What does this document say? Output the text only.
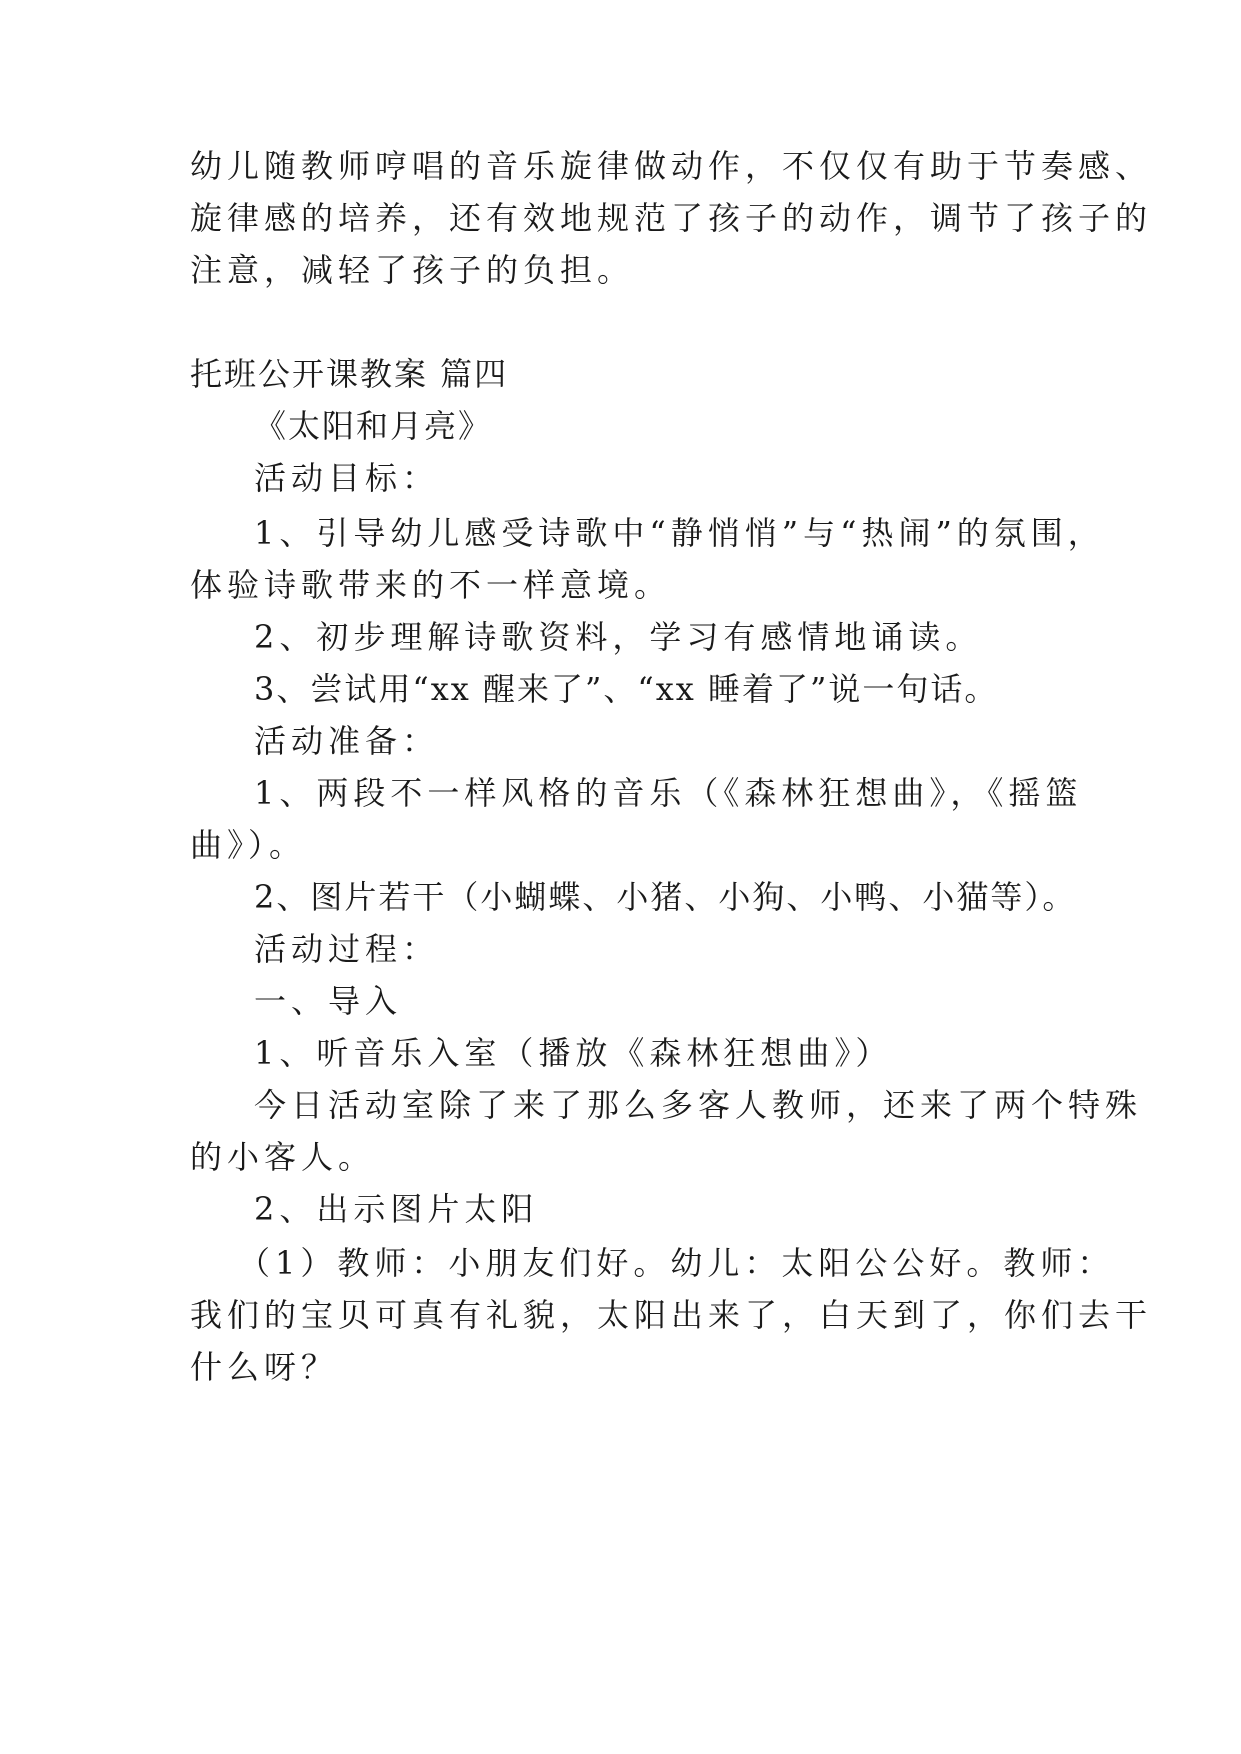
幼儿随教师哼唱的音乐旋律做动作，不仅仅有助于节奏感、
旋律感的培养，还有效地规范了孩子的动作，调节了孩子的
注意，减轻了孩子的负担。
托班公开课教案 篇四
《太阳和月亮》
活动目标：
1、引导幼儿感受诗歌中“静悄悄”与“热闹”的氛围，
体验诗歌带来的不一样意境。
2、初步理解诗歌资料，学习有感情地诵读。
3、尝试用“xx 醒来了”、“xx 睡着了”说一句话。
活动准备：
1、两段不一样风格的音乐（《森林狂想曲》，《摇篮
曲》）。
2、图片若干（小蝴蝶、小猪、小狗、小鸭、小猫等）。
活动过程：
一、导入
1、听音乐入室（播放《森林狂想曲》）
今日活动室除了来了那么多客人教师，还来了两个特殊
的小客人。
2、出示图片太阳
（1）教师：小朋友们好。幼儿：太阳公公好。教师：
我们的宝贝可真有礼貌，太阳出来了，白天到了，你们去干
什么呀？
